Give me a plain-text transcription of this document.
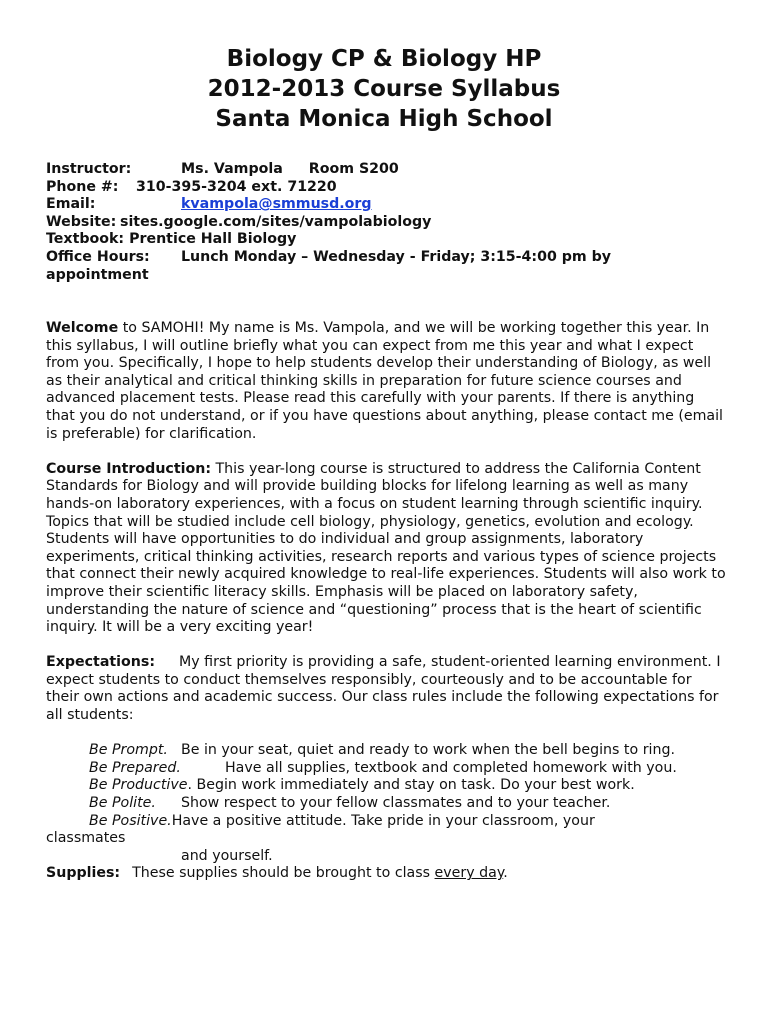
Biology CP & Biology HP
2012-2013 Course Syllabus
Santa Monica High School
Instructor:	Ms. Vampola Room S200
Phone #: 310-395-3204 ext. 71220
Email:	kvampola@smmusd.org
Website: sites.google.com/sites/vampolabiology
Textbook: Prentice Hall Biology
Office Hours: Lunch Monday – Wednesday - Friday; 3:15-4:00 pm by
appointment

Welcome to SAMOHI! My name is Ms. Vampola, and we will be working together this year. In this syllabus, I will outline briefly what you can expect from me this year and what I expect from you. Specifically, I hope to help students develop their understanding of Biology, as well as their analytical and critical thinking skills in preparation for future science courses and advanced placement tests. Please read this carefully with your parents. If there is anything that you do not understand, or if you have questions about anything, please contact me (email is preferable) for clarification.

Course Introduction: This year-long course is structured to address the California Content Standards for Biology and will provide building blocks for lifelong learning as well as many hands-on laboratory experiences, with a focus on student learning through scientific inquiry. Topics that will be studied include cell biology, physiology, genetics, evolution and ecology. Students will have opportunities to do individual and group assignments, laboratory experiments, critical thinking activities, research reports and various types of science projects that connect their newly acquired knowledge to real-life experiences. Students will also work to improve their scientific literacy skills. Emphasis will be placed on laboratory safety, understanding the nature of science and “questioning” process that is the heart of scientific inquiry. It will be a very exciting year!

Expectations: My first priority is providing a safe, student-oriented learning environment. I expect students to conduct themselves responsibly, courteously and to be accountable for their own actions and academic success. Our class rules include the following expectations for all students:

Be Prompt. Be in your seat, quiet and ready to work when the bell begins to ring.
Be Prepared.	Have all supplies, textbook and completed homework with you.
Be Productive. Begin work immediately and stay on task. Do your best work.
Be Polite. Show respect to your fellow classmates and to your teacher.
Be Positive.Have a positive attitude. Take pride in your classroom, your
classmates
and yourself.
Supplies: These supplies should be brought to class every day.
